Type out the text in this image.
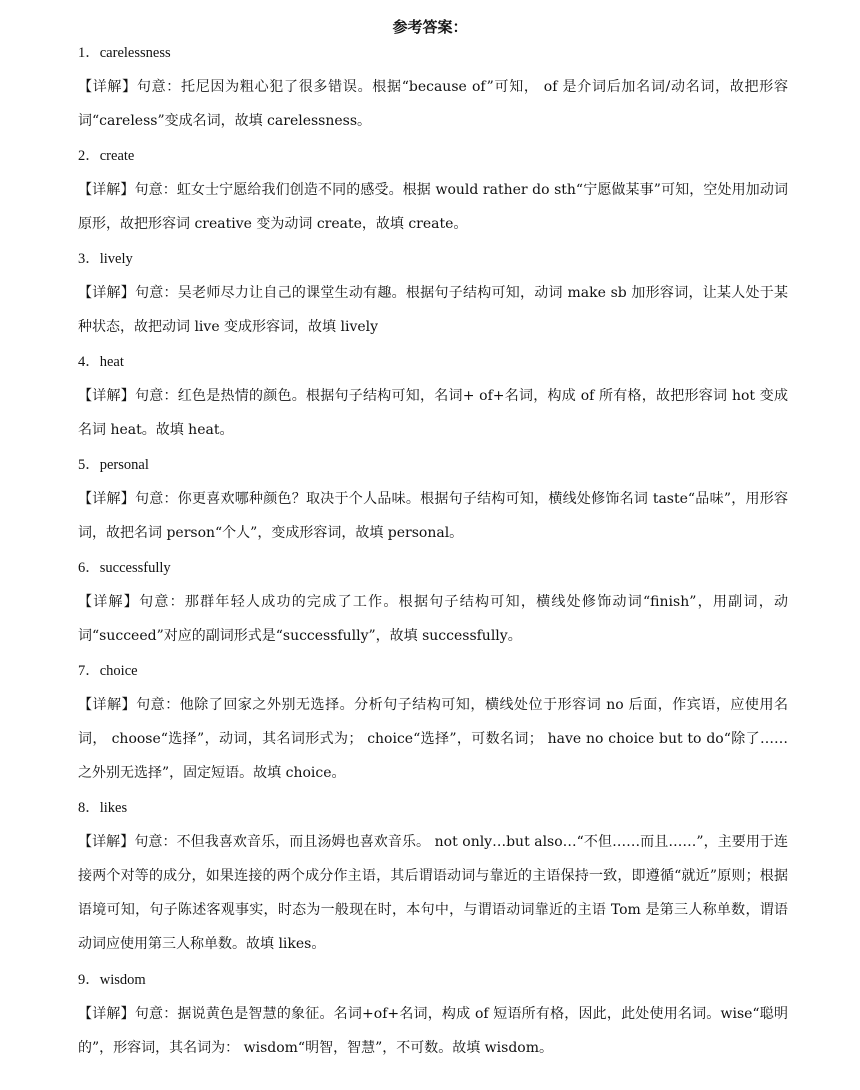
参考答案：
1．carelessness
【详解】句意：托尼因为粗心犯了很多错误。根据“because of”可知， of 是介词后加名词/动名词，故把形容词“careless”变成名词，故填 carelessness。
2．create
【详解】句意：虹女士宁愿给我们创造不同的感受。根据 would rather do sth“宁愿做某事”可知，空处用加动词原形，故把形容词 creative 变为动词 create，故填 create。
3．lively
【详解】句意：吴老师尽力让自己的课堂生动有趣。根据句子结构可知，动词 make sb 加形容词，让某人处于某种状态，故把动词 live 变成形容词，故填 lively
4．heat
【详解】句意：红色是热情的颜色。根据句子结构可知，名词+ of+名词，构成 of 所有格，故把形容词 hot 变成名词 heat。故填 heat。
5．personal
【详解】句意：你更喜欢哪种颜色？取决于个人品味。根据句子结构可知，横线处修饰名词 taste“品味”，用形容词，故把名词 person“个人”，变成形容词，故填 personal。
6．successfully
【详解】句意：那群年轻人成功的完成了工作。根据句子结构可知，横线处修饰动词“finish”，用副词，动词“succeed”对应的副词形式是“successfully”，故填 successfully。
7．choice
【详解】句意：他除了回家之外别无选择。分析句子结构可知，横线处位于形容词 no 后面，作宾语，应使用名词， choose“选择”，动词，其名词形式为； choice“选择”，可数名词； have no choice but to do“除了……之外别无选择”，固定短语。故填 choice。
8．likes
【详解】句意：不但我喜欢音乐，而且汤姆也喜欢音乐。 not only…but also…“不但……而且……”，主要用于连接两个对等的成分，如果连接的两个成分作主语，其后谓语动词与靠近的主语保持一致，即遵循“就近”原则；根据语境可知，句子陈述客观事实，时态为一般现在时，本句中，与谓语动词靠近的主语 Tom 是第三人称单数，谓语动词应使用第三人称单数。故填 likes。
9．wisdom
【详解】句意：据说黄色是智慧的象征。名词+of+名词，构成 of 短语所有格，因此，此处使用名词。wise“聪明的”，形容词，其名词为： wisdom“明智，智慧”，不可数。故填 wisdom。
